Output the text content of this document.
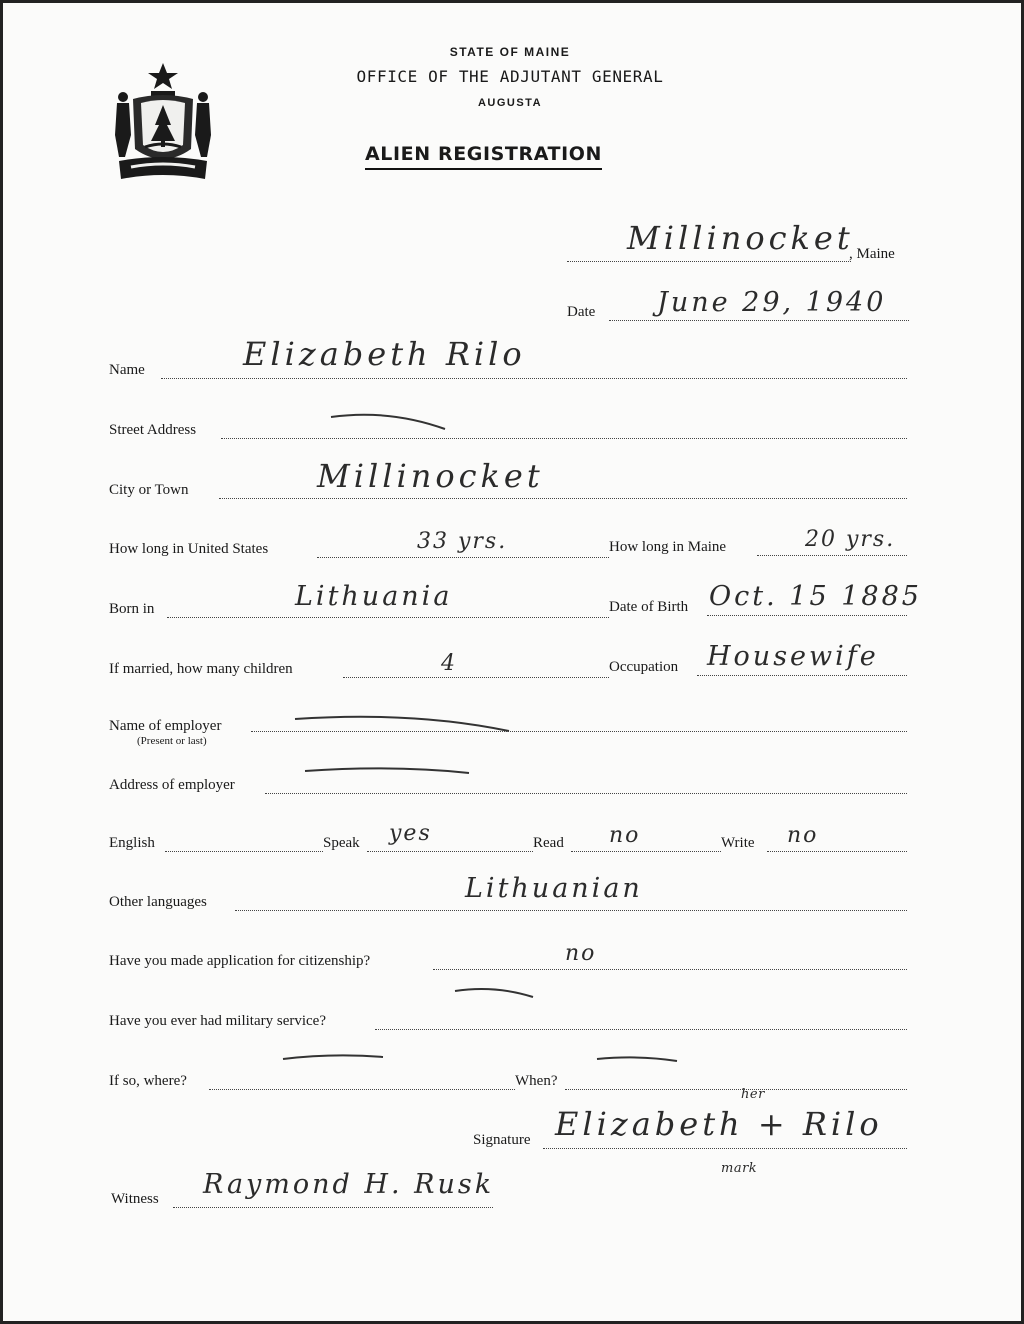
STATE OF MAINE
OFFICE OF THE ADJUTANT GENERAL
AUGUSTA
ALIEN REGISTRATION
Millinocket
, Maine
Date June 29, 1940
Name	Elizabeth Rilo
Street Address
City or Town	Millinocket
How long in United States	33 yrs.	How long in Maine	20 yrs.
Born in	Lithuania	Date of Birth Oct. 15 1885
If married, how many children	4	Occupation Housewife
Name of employer
(Present or last)
Address of employer
English	Speak yes	Read no	Write no
Other languages	Lithuanian
Have you made application for citizenship?	no
Have you ever had military service?
If so, where?	When?
her
Signature Elizabeth + Rilo
mark
Witness Raymond H. Rusk
